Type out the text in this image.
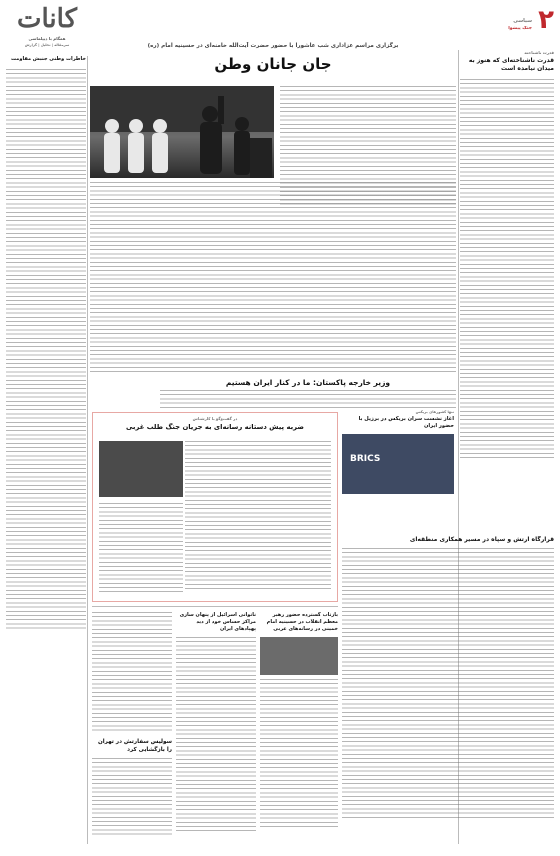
کانات
همگام با دیپلماسی
سرمقاله | تحلیل | گزارش
۲
سیاسی
جنگ پیشوا
برگزاری مراسم عزاداری شب عاشورا با حضور حضرت آیت‌الله خامنه‌ای در حسینیه امام (ره)
جان جانان وطن
خاطرات وطنی جنبش مقاومت
قدرت ناشناخته
قدرت ناشناخته‌ای که هنوز به میدان نیامده است
وزیر خارجه پاکستان: ما در کنار ایران هستیم
تنها کشورهای بریکس
آغاز نشست سران بریکس در برزیل با حضور ایران
BRICS
در گفت‌وگو با کارشناس
ضربه پیش دستانه رسانه‌ای به جریان جنگ طلب غربی
قرارگاه ارتش و سپاه در مسیر همکاری منطقه‌ای
بازتاب گسترده حضور رهبر معظم انقلاب در حسینیه امام خمینی در رسانه‌های عربی
ناتوانی اسرائیل از پنهان سازی مراکز حساس خود از دید پهپادهای ایران
سولیس سفارتش در تهران را بازگشایی کرد
